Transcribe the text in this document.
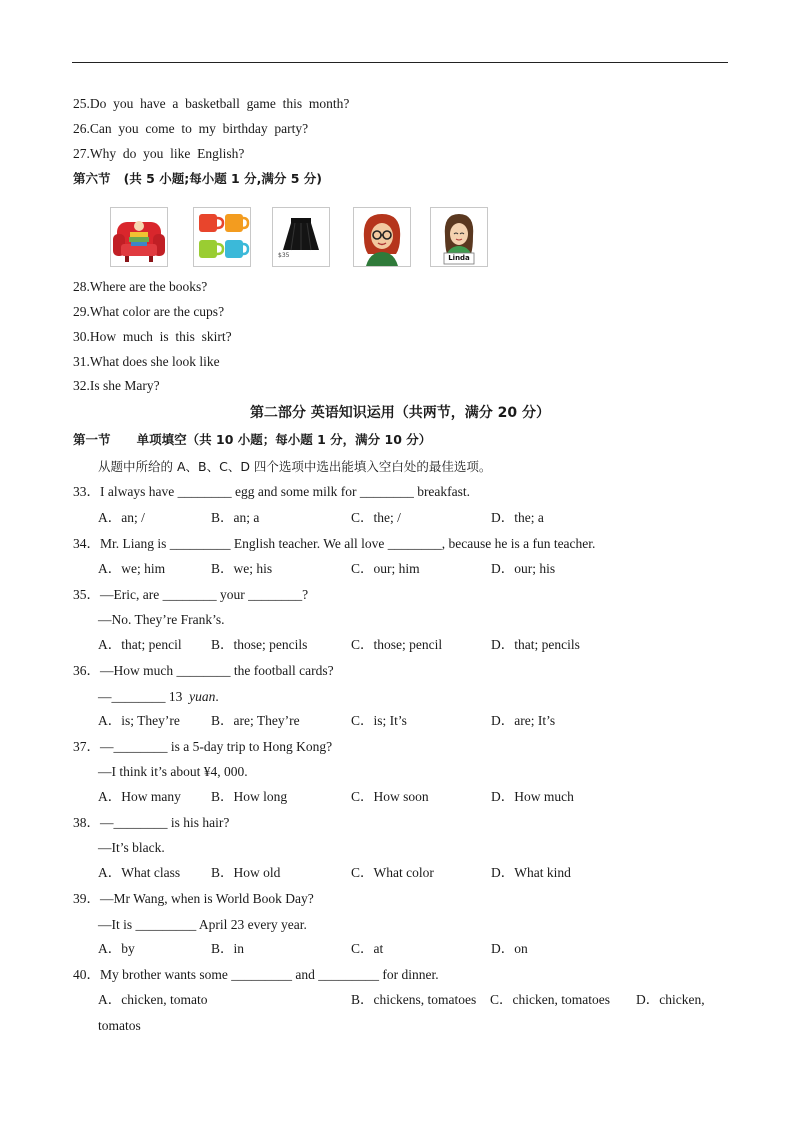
25.Do  you  have  a  basketball  game  this  month?
26.Can  you  come  to  my  birthday  party?
27.Why  do  you  like  English?
第六节 (共 5 小题;每小题 1 分,满分 5 分)
$35	Linda
28.Where are the books?
29.What color are the cups?
30.How  much  is  this  skirt?
31.What does she look like
32.Is she Mary?
第二部分 英语知识运用（共两节，满分 20 分）
第一节 单项填空（共 10 小题；每小题 1 分，满分 10 分）
从题中所给的 A、B、C、D 四个选项中选出能填入空白处的最佳选项。
33．I always have ________ egg and some milk for ________ breakfast.
A．an; /	B．an; a	C．the; /	D．the; a
34．Mr. Liang is _________ English teacher. We all love ________, because he is a fun teacher.
A．we; him	B．we; his	C．our; him	D．our; his
35．—Eric, are ________ your ________?
—No. They’re Frank’s.
A．that; pencil B．those; pencils	C．those; pencil	D．that; pencils
36．—How much ________ the football cards?
—________ 13  yuan.
A．is; They’re B．are; They’re	C．is; It’s	D．are; It’s
37．—________ is a 5-day trip to Hong Kong?
—I think it’s about ¥4, 000.
A．How many B．How long	C．How soon	D．How much
38．—________ is his hair?
—It’s black.
A．What class B．How old	C．What color	D．What kind
39．—Mr Wang, when is World Book Day?
—It is _________ April 23 every year.
A．by	B．in	C．at	D．on
40．My brother wants some _________ and _________ for dinner.
A．chicken, tomato	B．chickens, tomatoes C．chicken, tomatoes D．chicken,
tomatos
